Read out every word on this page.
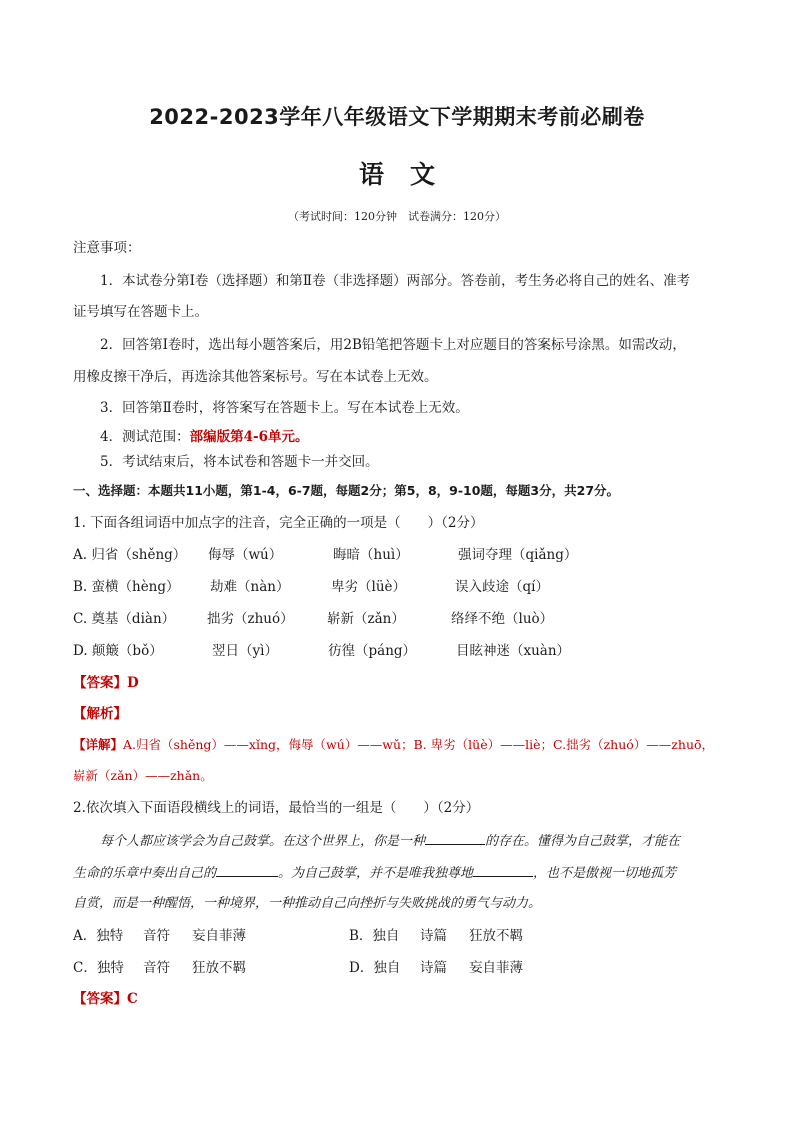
2022-2023学年八年级语文下学期期末考前必刷卷
语文
（考试时间：120分钟　试卷满分：120分）
注意事项：
1．本试卷分第Ⅰ卷（选择题）和第Ⅱ卷（非选择题）两部分。答卷前，考生务必将自己的姓名、准考
证号填写在答题卡上。
2．回答第Ⅰ卷时，选出每小题答案后，用2B铅笔把答题卡上对应题目的答案标号涂黑。如需改动，
用橡皮擦干净后，再选涂其他答案标号。写在本试卷上无效。
3．回答第Ⅱ卷时，将答案写在答题卡上。写在本试卷上无效。
4．测试范围：部编版第4-6单元。
5．考试结束后，将本试卷和答题卡一并交回。
一、选择题：本题共11小题，第1-4，6-7题，每题2分；第5，8，9-10题，每题3分，共27分。
1. 下面各组词语中加点字的注音，完全正确的一项是（　　）（2分）
A. 归省（shěng） 侮辱（wú）	晦暗（huì）	强词夺理（qiǎng）
B. 蛮横（hèng） 劫难（nàn）	卑劣（lüè）	误入歧途（qí）
C. 奠基（diàn） 拙劣（zhuó） 崭新（zǎn）	络绎不绝（luò）
D. 颠簸（bǒ）	翌日（yì）	彷徨（páng）	目眩神迷（xuàn）
【答案】D
【解析】
【详解】A.归省（shěng）——xǐng，侮辱（wú）——wǔ；B. 卑劣（lüè）——liè；C.拙劣（zhuó）——zhuō，
崭新（zǎn）——zhǎn。
2.依次填入下面语段横线上的词语，最恰当的一组是（　　）（2分）
每个人都应该学会为自己鼓掌。在这个世界上，你是一种	的存在。懂得为自己鼓掌，才能在
生命的乐章中奏出自己的	。为自己鼓掌，并不是唯我独尊地	，也不是傲视一切地孤芳
自赏，而是一种醒悟，一种境界，一种推动自己向挫折与失败挑战的勇气与动力。
A．独特 音符 妄自菲薄	B．独自 诗篇 狂放不羁
C．独特 音符 狂放不羁	D．独自 诗篇 妄自菲薄
【答案】C
